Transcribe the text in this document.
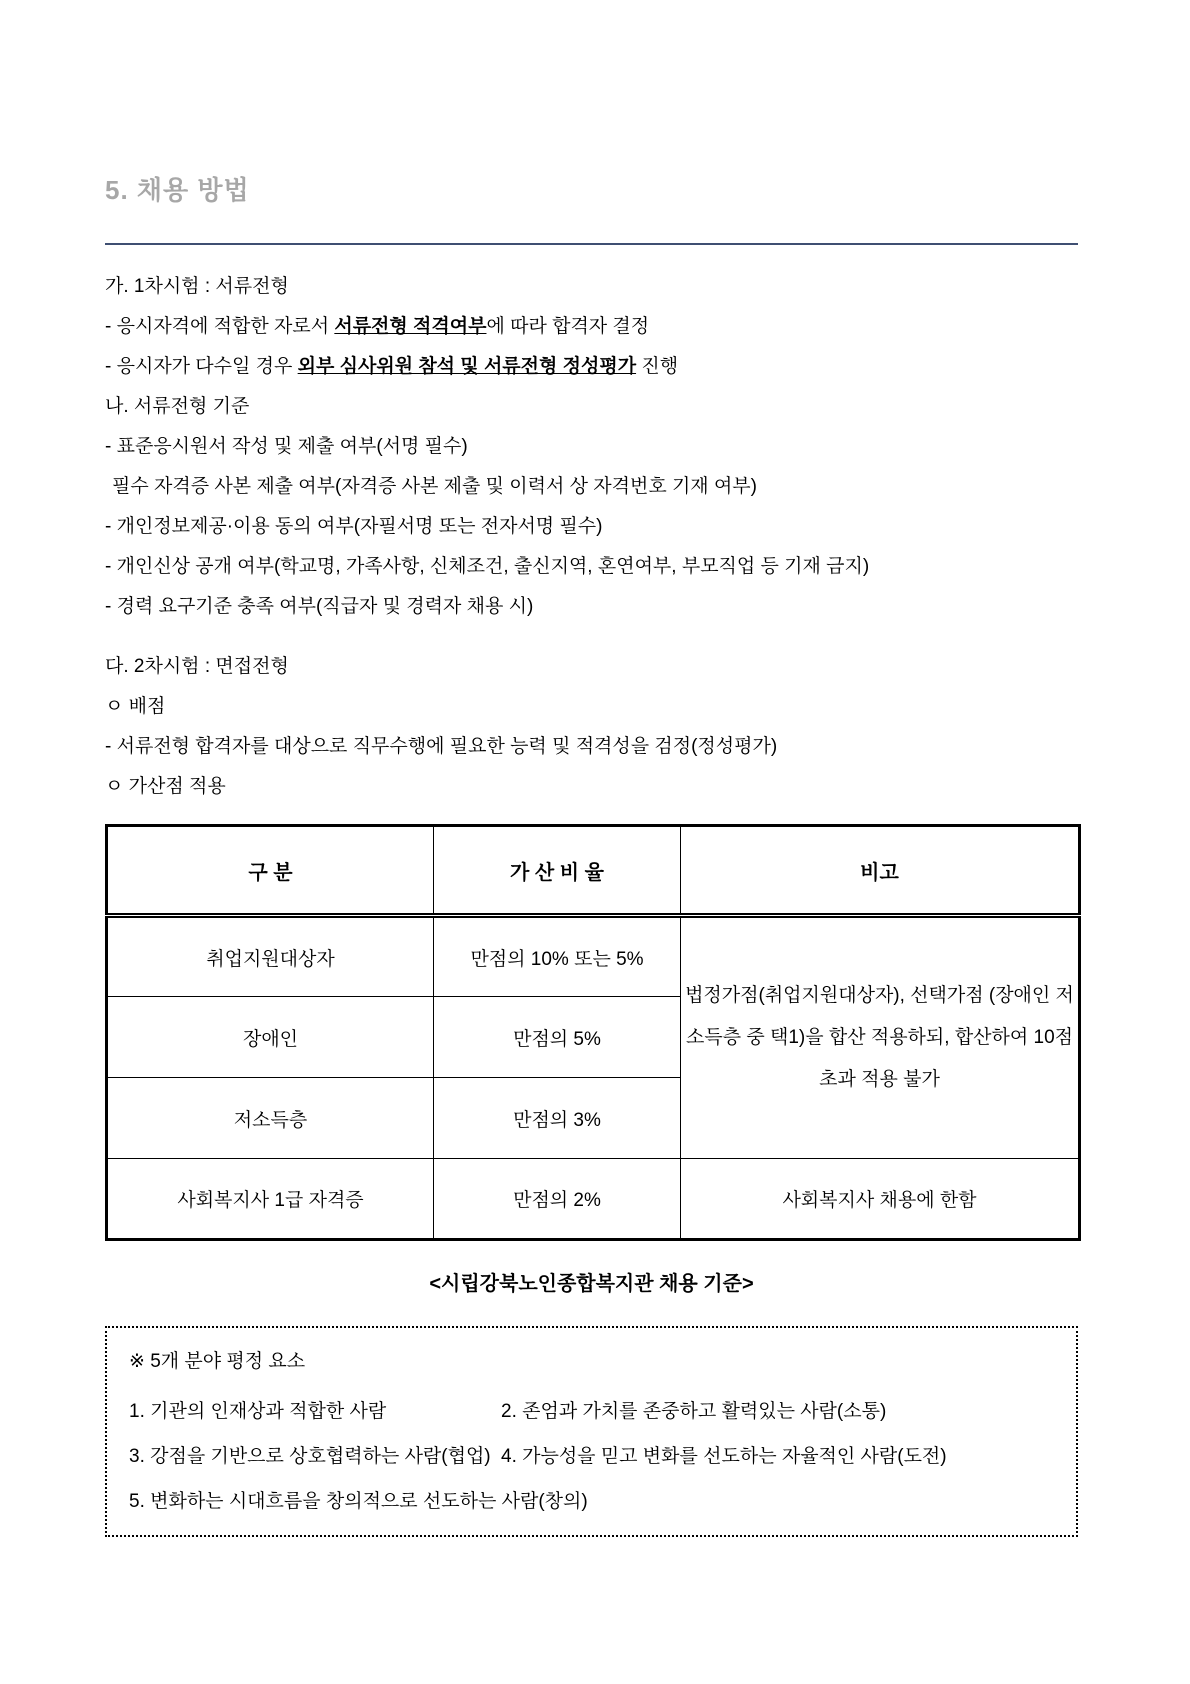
5. 채용 방법

가. 1차시험 : 서류전형

- 응시자격에 적합한 자로서 서류전형 적격여부에 따라 합격자 결정

- 응시자가 다수일 경우 외부 심사위원 참석 및 서류전형 정성평가 진행

나. 서류전형 기준

- 표준응시원서 작성 및 제출 여부(서명 필수)

필수 자격증 사본 제출 여부(자격증 사본 제출 및 이력서 상 자격번호 기재 여부)

- 개인정보제공·이용 동의 여부(자필서명 또는 전자서명 필수)

- 개인신상 공개 여부(학교명, 가족사항, 신체조건, 출신지역, 혼연여부, 부모직업 등 기재 금지)

- 경력 요구기준 충족 여부(직급자 및 경력자 채용 시)

다. 2차시험 : 면접전형

ㅇ 배점

- 서류전형 합격자를 대상으로 직무수행에 필요한 능력 및 적격성을 검정(정성평가)

ㅇ 가산점 적용

구 분	가 산 비 율	비고
취업지원대상자	만점의 10% 또는 5%	법정가점(취업지원대상자), 선택가점 (장애인 저소득층 중 택1)을 합산 적용하되, 합산하여 10점 초과 적용 불가
장애인	만점의 5%	
저소득층	만점의 3%	
사회복지사 1급 자격증	만점의 2%	사회복지사 채용에 한함
<시립강북노인종합복지관 채용 기준>
※ 5개 분야 평정 요소
1. 기관의 인재상과 적합한 사람	2. 존엄과 가치를 존중하고 활력있는 사람(소통)
3. 강점을 기반으로 상호협력하는 사람(협업) 4. 가능성을 믿고 변화를 선도하는 자율적인 사람(도전)
5. 변화하는 시대흐름을 창의적으로 선도하는 사람(창의)
